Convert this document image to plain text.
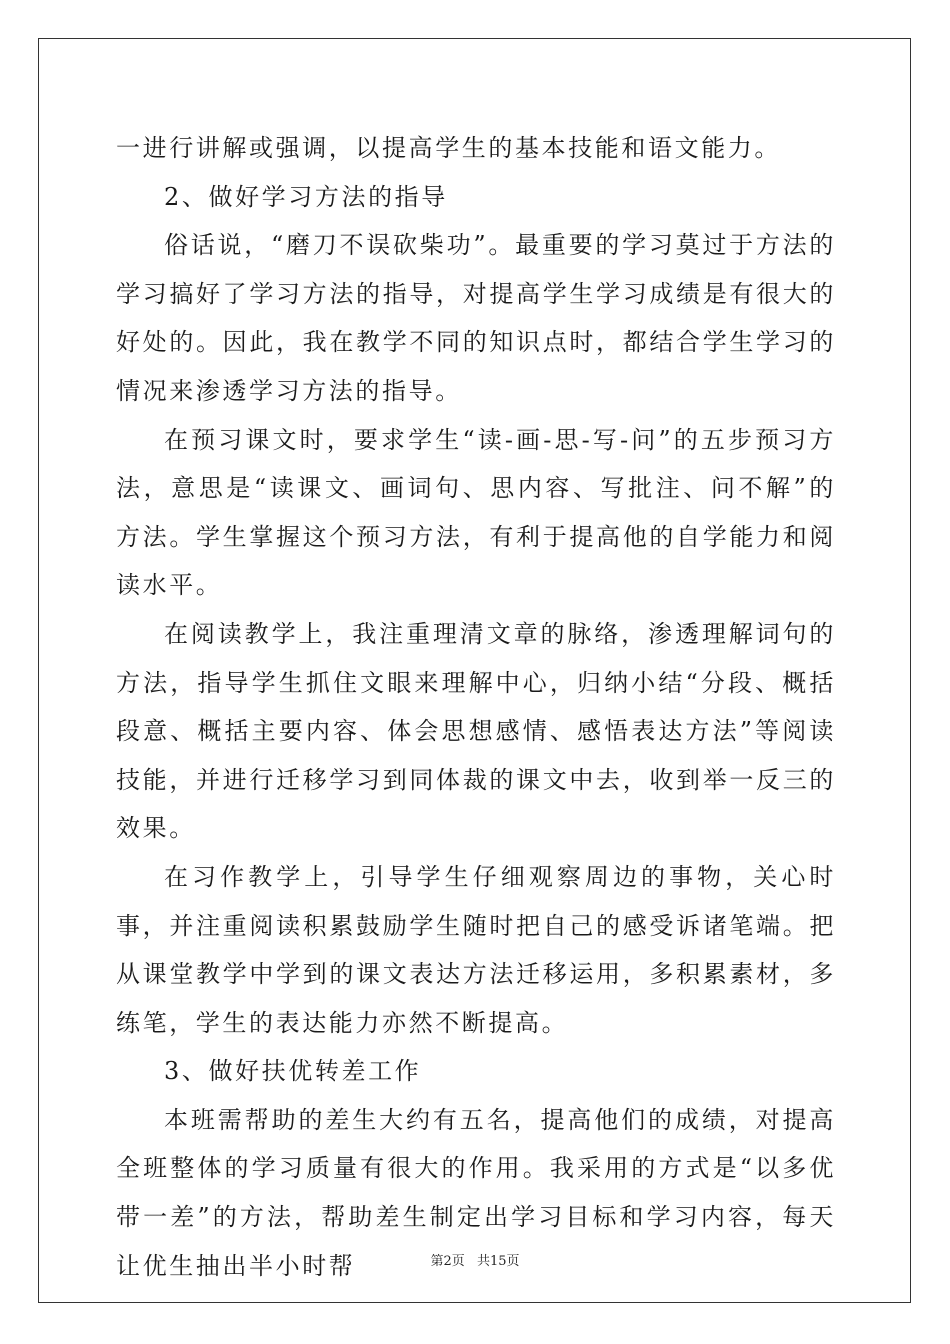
一进行讲解或强调，以提高学生的基本技能和语文能力。

2、做好学习方法的指导

俗话说，“磨刀不误砍柴功”。最重要的学习莫过于方法的学习搞好了学习方法的指导，对提高学生学习成绩是有很大的好处的。因此，我在教学不同的知识点时，都结合学生学习的情况来渗透学习方法的指导。

在预习课文时，要求学生“读-画-思-写-问”的五步预习方法，意思是“读课文、画词句、思内容、写批注、问不解”的方法。学生掌握这个预习方法，有利于提高他的自学能力和阅读水平。

在阅读教学上，我注重理清文章的脉络，渗透理解词句的方法，指导学生抓住文眼来理解中心，归纳小结“分段、概括段意、概括主要内容、体会思想感情、感悟表达方法”等阅读技能，并进行迁移学习到同体裁的课文中去，收到举一反三的效果。

在习作教学上，引导学生仔细观察周边的事物，关心时事，并注重阅读积累鼓励学生随时把自己的感受诉诸笔端。把从课堂教学中学到的课文表达方法迁移运用，多积累素材，多练笔，学生的表达能力亦然不断提高。

3、做好扶优转差工作

本班需帮助的差生大约有五名，提高他们的成绩，对提高全班整体的学习质量有很大的作用。我采用的方式是“以多优带一差”的方法，帮助差生制定出学习目标和学习内容，每天让优生抽出半小时帮	第2页 共15页
